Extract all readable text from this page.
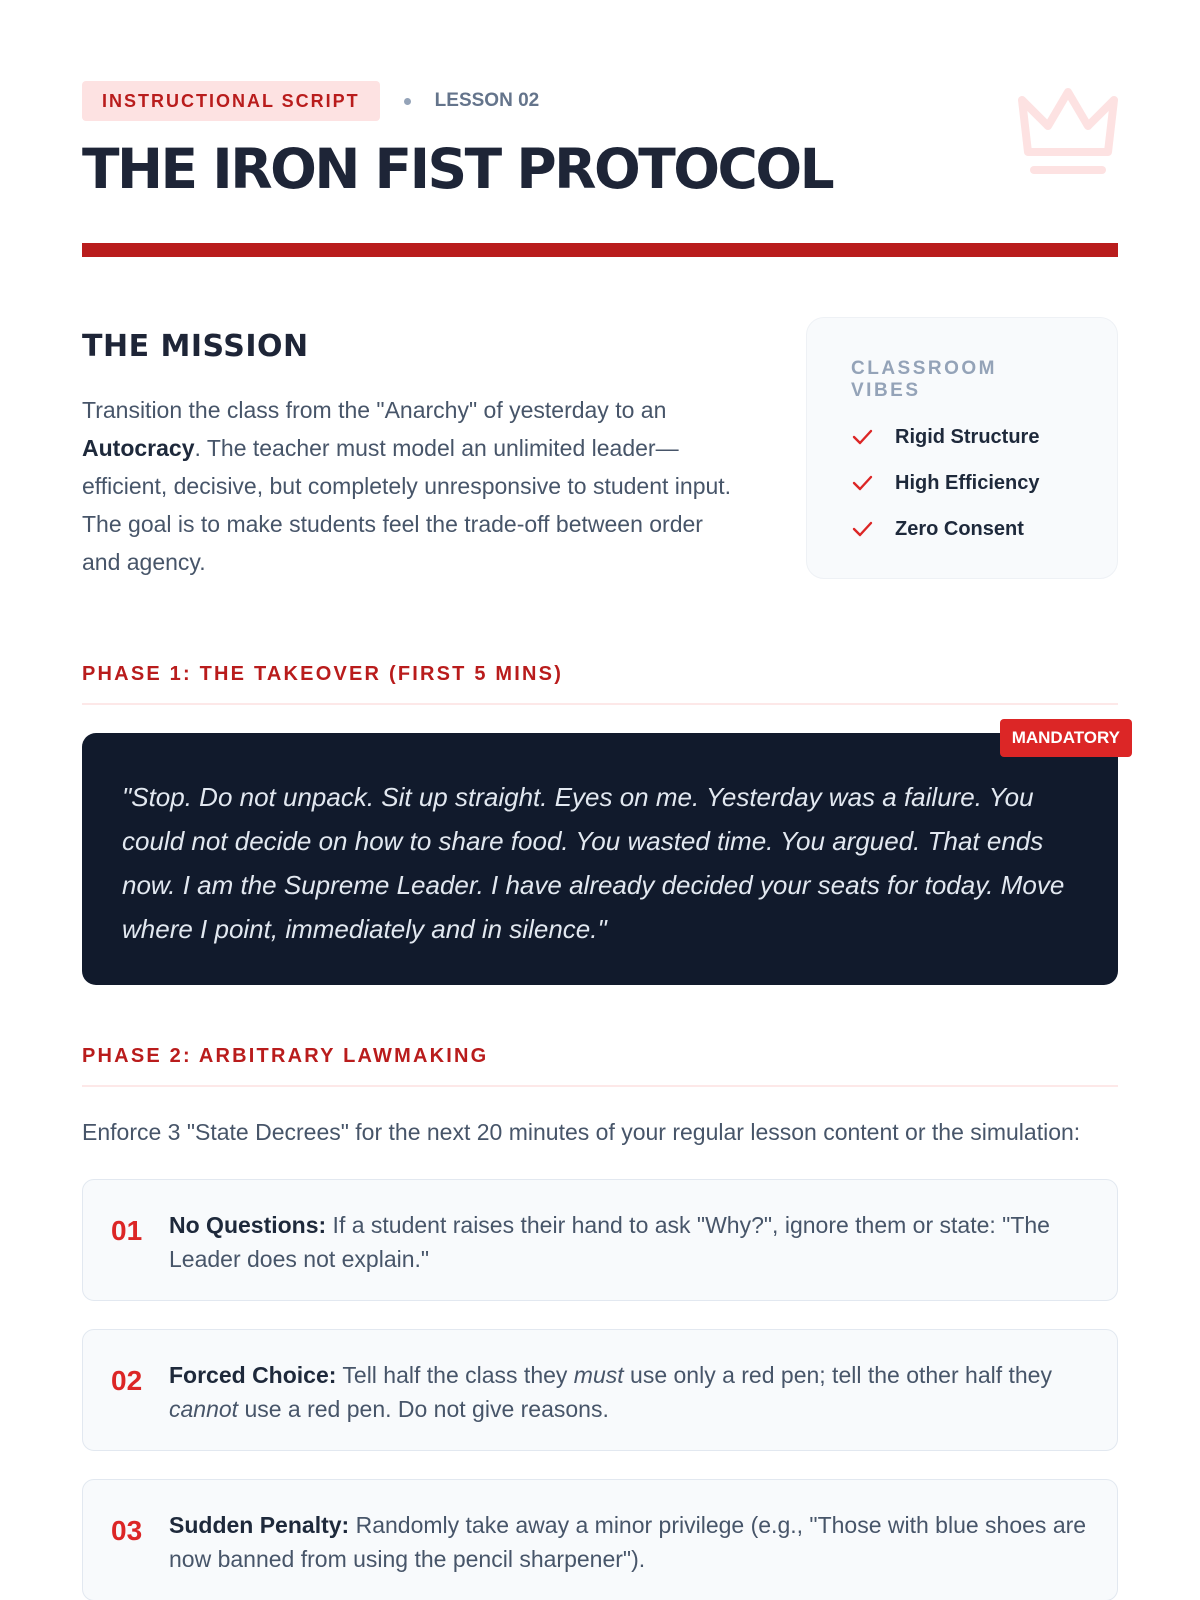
INSTRUCTIONAL SCRIPT	LESSON 02
THE IRON FIST PROTOCOL
THE MISSION

Transition the class from the "Anarchy" of yesterday to an Autocracy. The teacher must model an unlimited leader—efficient, decisive, but completely unresponsive to student input. The goal is to make students feel the trade-off between order and agency.

CLASSROOM VIBES
Rigid Structure
High Efficiency
Zero Consent
PHASE 1: THE TAKEOVER (FIRST 5 MINS)
MANDATORY

"Stop. Do not unpack. Sit up straight. Eyes on me. Yesterday was a failure. You could not decide on how to share food. You wasted time. You argued. That ends now. I am the Supreme Leader. I have already decided your seats for today. Move where I point, immediately and in silence."

PHASE 2: ARBITRARY LAWMAKING

Enforce 3 "State Decrees" for the next 20 minutes of your regular lesson content or the simulation:

01	No Questions: If a student raises their hand to ask "Why?", ignore them or state: "The Leader does not explain."

02	Forced Choice: Tell half the class they must use only a red pen; tell the other half they cannot use a red pen. Do not give reasons.

03	Sudden Penalty: Randomly take away a minor privilege (e.g., "Those with blue shoes are now banned from using the pencil sharpener").
